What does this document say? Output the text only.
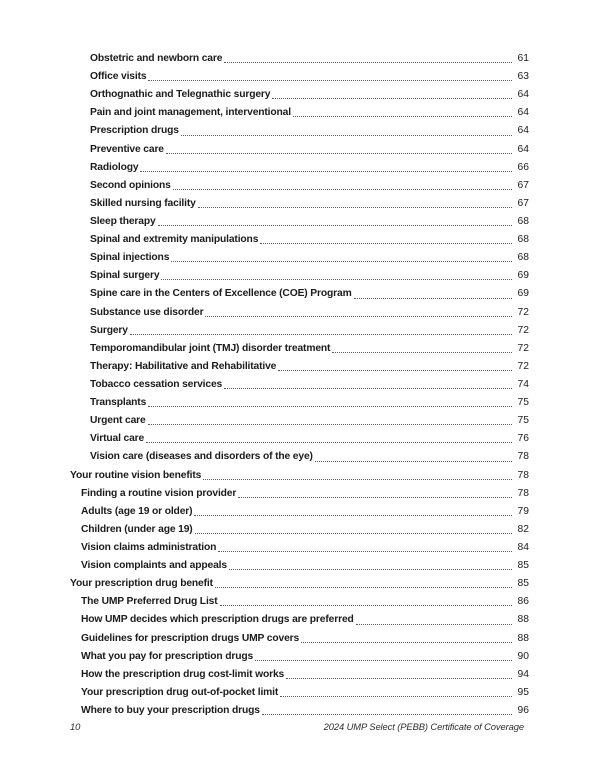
Obstetric and newborn care	61
Office visits	63
Orthognathic and Telegnathic surgery	64
Pain and joint management, interventional	64
Prescription drugs	64
Preventive care	64
Radiology	66
Second opinions	67
Skilled nursing facility	67
Sleep therapy	68
Spinal and extremity manipulations	68
Spinal injections	68
Spinal surgery	69
Spine care in the Centers of Excellence (COE) Program	69
Substance use disorder	72
Surgery	72
Temporomandibular joint (TMJ) disorder treatment	72
Therapy: Habilitative and Rehabilitative	72
Tobacco cessation services	74
Transplants	75
Urgent care	75
Virtual care	76
Vision care (diseases and disorders of the eye)	78
Your routine vision benefits	78
Finding a routine vision provider	78
Adults (age 19 or older)	79
Children (under age 19)	82
Vision claims administration	84
Vision complaints and appeals	85
Your prescription drug benefit	85
The UMP Preferred Drug List	86
How UMP decides which prescription drugs are preferred	88
Guidelines for prescription drugs UMP covers	88
What you pay for prescription drugs	90
How the prescription drug cost-limit works	94
Your prescription drug out-of-pocket limit	95
Where to buy your prescription drugs	96
10	2024 UMP Select (PEBB) Certificate of Coverage
